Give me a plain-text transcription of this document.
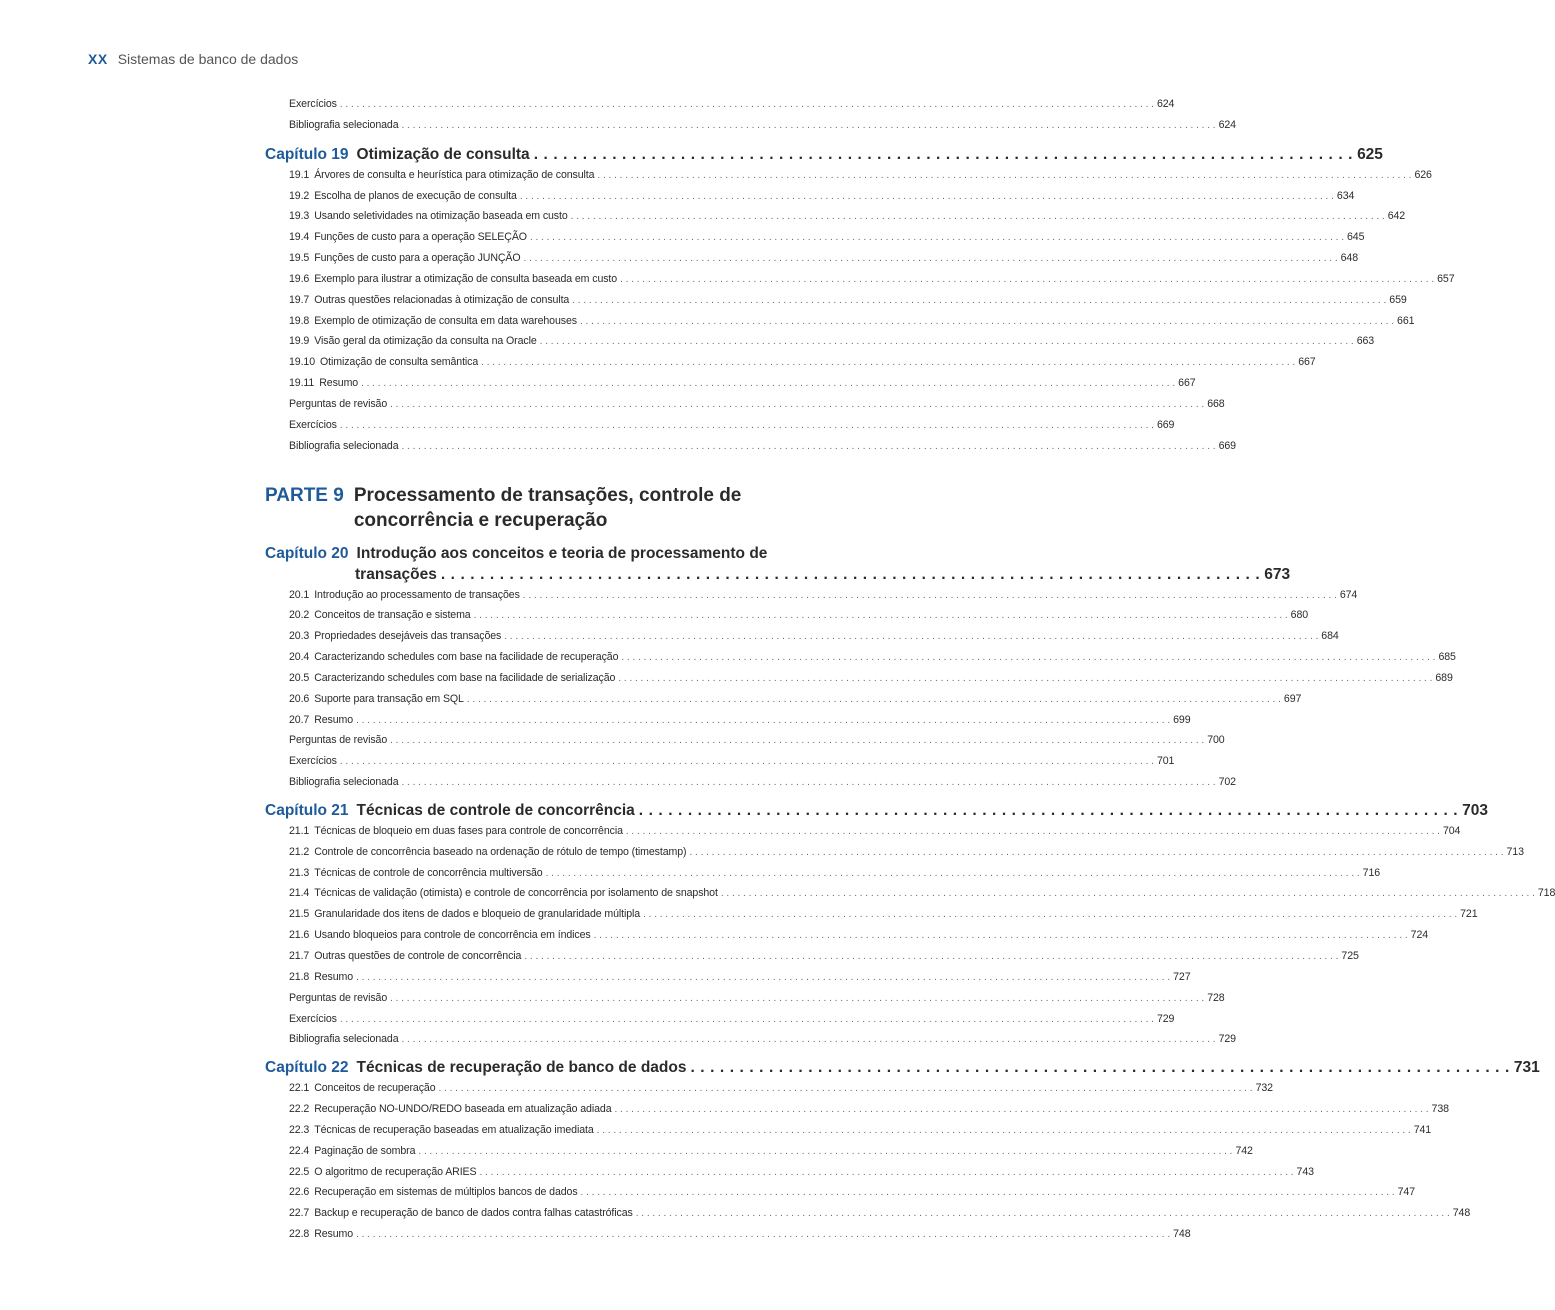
XX Sistemas de banco de dados
Exercícios . . .	624
Bibliografia selecionada . . .	624
Capítulo 19 Otimização de consulta . . .	625
19.1 Árvores de consulta e heurística para otimização de consulta . . .	626
19.2 Escolha de planos de execução de consulta . . .	634
19.3 Usando seletividades na otimização baseada em custo . . .	642
19.4 Funções de custo para a operação SELEÇÃO . . .	645
19.5 Funções de custo para a operação JUNÇÃO . . .	648
19.6 Exemplo para ilustrar a otimização de consulta baseada em custo . . .	657
19.7 Outras questões relacionadas à otimização de consulta . . .	659
19.8 Exemplo de otimização de consulta em data warehouses . . .	661
19.9 Visão geral da otimização da consulta na Oracle . . .	663
19.10 Otimização de consulta semântica . . .	667
19.11 Resumo . . .	667
Perguntas de revisão . . .	668
Exercícios . . .	669
Bibliografia selecionada . . .	669
PARTE 9 Processamento de transações, controle de concorrência e recuperação
Capítulo 20 Introdução aos conceitos e teoria de processamento de
transações . . .	673
20.1 Introdução ao processamento de transações . . .	674
20.2 Conceitos de transação e sistema . . .	680
20.3 Propriedades desejáveis das transações . . .	684
20.4 Caracterizando schedules com base na facilidade de recuperação . . .	685
20.5 Caracterizando schedules com base na facilidade de serialização . . .	689
20.6 Suporte para transação em SQL . . .	697
20.7 Resumo . . .	699
Perguntas de revisão . . .	700
Exercícios . . .	701
Bibliografia selecionada . . .	702
Capítulo 21 Técnicas de controle de concorrência . . .	703
21.1 Técnicas de bloqueio em duas fases para controle de concorrência . . .	704
21.2 Controle de concorrência baseado na ordenação de rótulo de tempo (timestamp) . . .	713
21.3 Técnicas de controle de concorrência multiversão . . .	716
21.4 Técnicas de validação (otimista) e controle de concorrência por isolamento de snapshot . . .	718
21.5 Granularidade dos itens de dados e bloqueio de granularidade múltipla . . .	721
21.6 Usando bloqueios para controle de concorrência em índices . . .	724
21.7 Outras questões de controle de concorrência . . .	725
21.8 Resumo . . .	727
Perguntas de revisão . . .	728
Exercícios . . .	729
Bibliografia selecionada . . .	729
Capítulo 22 Técnicas de recuperação de banco de dados . . .	731
22.1 Conceitos de recuperação . . .	732
22.2 Recuperação NO-UNDO/REDO baseada em atualização adiada . . .	738
22.3 Técnicas de recuperação baseadas em atualização imediata . . .	741
22.4 Paginação de sombra . . .	742
22.5 O algoritmo de recuperação ARIES . . .	743
22.6 Recuperação em sistemas de múltiplos bancos de dados . . .	747
22.7 Backup e recuperação de banco de dados contra falhas catastróficas . . .	748
22.8 Resumo . . .	748
